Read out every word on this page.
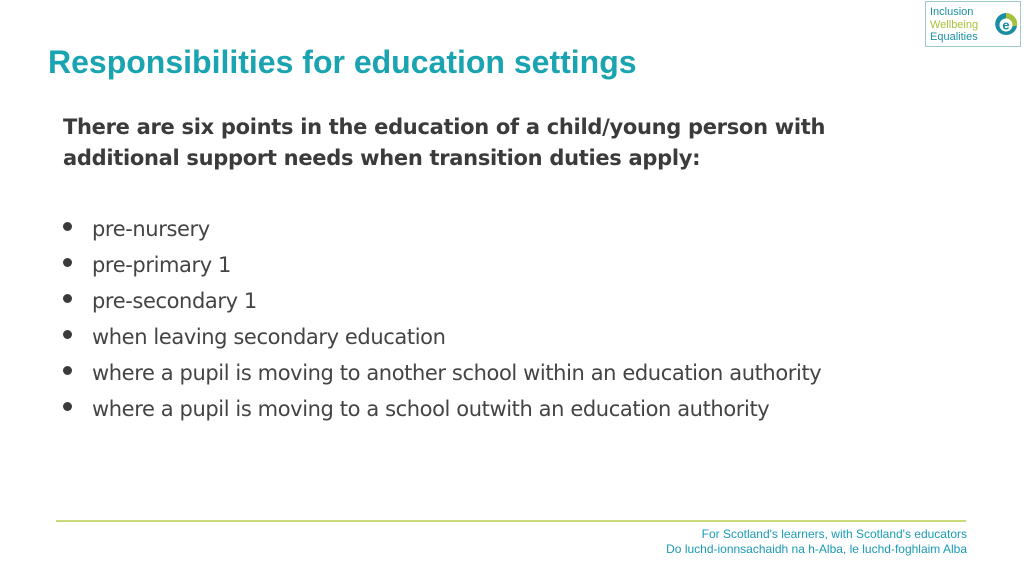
Inclusion
Wellbeing
Equalities
e
Responsibilities for education settings

There are six points in the education of a child/young person with additional support needs when transition duties apply:

pre-nursery
pre-primary 1
pre-secondary 1
when leaving secondary education
where a pupil is moving to another school within an education authority
where a pupil is moving to a school outwith an education authority
For Scotland's learners, with Scotland's educators
Do luchd-ionnsachaidh na h-Alba, le luchd-foghlaim Alba
